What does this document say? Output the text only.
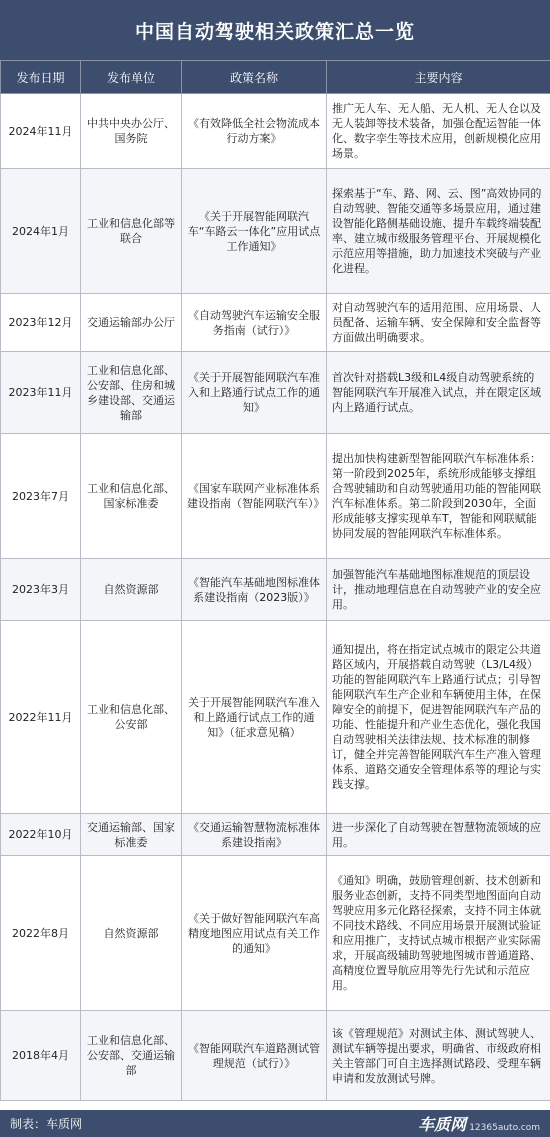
中国自动驾驶相关政策汇总一览
发布日期	发布单位	政策名称	主要内容
2024年11月	中共中央办公厅、国务院	《有效降低全社会物流成本行动方案》	推广无人车、无人船、无人机、无人仓以及无人装卸等技术装备，加强仓配运智能一体化、数字孪生等技术应用，创新规模化应用场景。
2024年1月	工业和信息化部等联合	《关于开展智能网联汽车“车路云一体化”应用试点工作通知》	探索基于“车、路、网、云、图”高效协同的自动驾驶、智能交通等多场景应用，通过建设智能化路侧基础设施、提升车载终端装配率、建立城市级服务管理平台、开展规模化示范应用等措施，助力加速技术突破与产业化进程。
2023年12月	交通运输部办公厅	《自动驾驶汽车运输安全服务指南（试行）》	对自动驾驶汽车的适用范围、应用场景、人员配备、运输车辆、安全保障和安全监督等方面做出明确要求。
2023年11月	工业和信息化部、公安部、住房和城乡建设部、交通运输部	《关于开展智能网联汽车准入和上路通行试点工作的通知》	首次针对搭载L3级和L4级自动驾驶系统的智能网联汽车开展准入试点，并在限定区域内上路通行试点。
2023年7月	工业和信息化部、国家标准委	《国家车联网产业标准体系建设指南（智能网联汽车）》	提出加快构建新型智能网联汽车标准体系：第一阶段到2025年，系统形成能够支撑组合驾驶辅助和自动驾驶通用功能的智能网联汽车标准体系。第二阶段到2030年，全面形成能够支撑实现单车T，智能和网联赋能协同发展的智能网联汽车标准体系。
2023年3月	自然资源部	《智能汽车基础地图标准体系建设指南（2023版）》	加强智能汽车基础地图标准规范的顶层设计，推动地理信息在自动驾驶产业的安全应用。
2022年11月	工业和信息化部、公安部	关于开展智能网联汽车准入和上路通行试点工作的通知》（征求意见稿）	通知提出，将在指定试点城市的限定公共道路区域内，开展搭载自动驾驶（L3/L4级）功能的智能网联汽车上路通行试点；引导智能网联汽车生产企业和车辆使用主体，在保障安全的前提下，促进智能网联汽车产品的功能、性能提升和产业生态优化，强化我国自动驾驶相关法律法规、技术标准的制修订，健全并完善智能网联汽车生产准入管理体系、道路交通安全管理体系等的理论与实践支撑。
2022年10月	交通运输部、国家标准委	《交通运输智慧物流标准体系建设指南》	进一步深化了自动驾驶在智慧物流领域的应用。
2022年8月	自然资源部	《关于做好智能网联汽车高精度地图应用试点有关工作的通知》	《通知》明确，鼓励管理创新、技术创新和服务业态创新，支持不同类型地图面向自动驾驶应用多元化路径探索，支持不同主体就不同技术路线、不同应用场景开展测试验证和应用推广，支持试点城市根据产业实际需求，开展高级辅助驾驶地图城市普通道路、高精度位置导航应用等先行先试和示范应用。
2018年4月	工业和信息化部、公安部、交通运输部	《智能网联汽车道路测试管理规范（试行）》	该《管理规范》对测试主体、测试驾驶人、测试车辆等提出要求，明确省、市级政府相关主管部门可自主选择测试路段、受理车辆申请和发放测试号牌。
制表：车质网	车质网 12365auto.com
